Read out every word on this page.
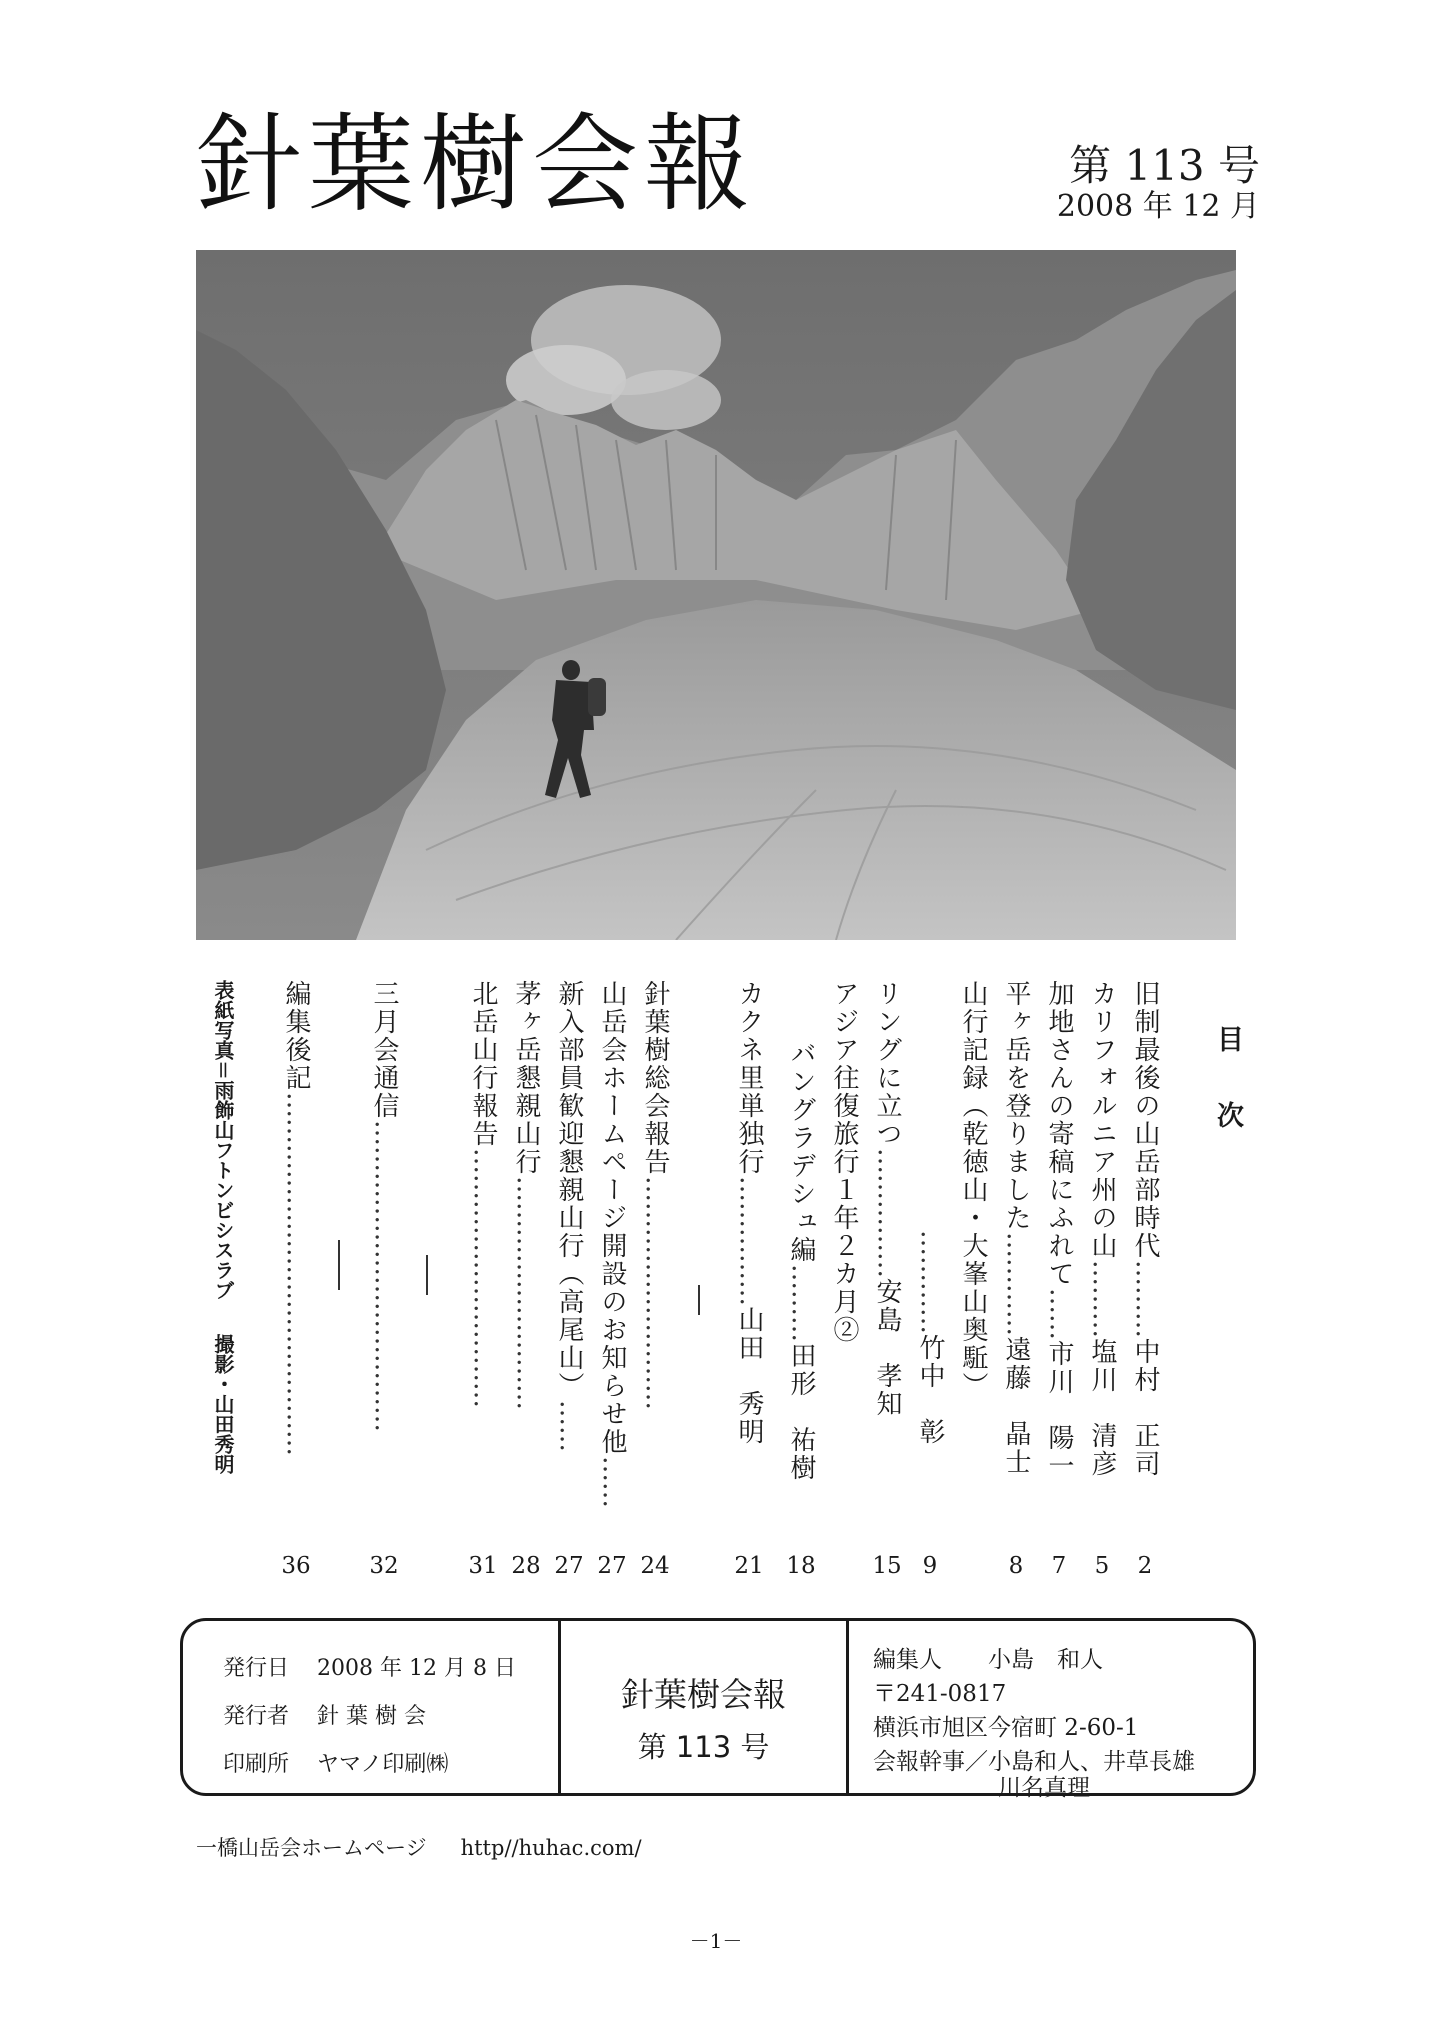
針葉樹会報	第 113 号
2008 年 12 月
目 次
旧制最後の山岳部時代………中村　正司
カリフォルニア州の山………塩川　清彦
加地さんの寄稿にふれて……市川　陽一
平ヶ岳を登りました…………遠藤　晶士
山行記録（乾徳山・大峯山奥駈）
…………竹中　彰
リングに立つ……………安島　孝知
アジア往復旅行１年２カ月②
バングラデシュ編………田形　祐樹
カクネ里単独行……………山田　秀明
針葉樹総会報告………………………
山岳会ホームページ開設のお知らせ他……
新入部員歓迎懇親山行（高尾山）……
茅ヶ岳懇親山行………………………
北岳山行報告…………………………
三月会通信………………………………
編集後記……………………………………
表紙写真＝雨飾山フトンビシスラブ撮影・山田秀明
2
5
7
8
9
15
18
21
24
27
27
28
31
32
36
発行日 2008 年 12 月 8 日
発行者 針 葉 樹 会
印刷所 ヤマノ印刷㈱
針葉樹会報
第 113 号
編集人　　小島　和人
〒241-0817
横浜市旭区今宿町 2-60-1
会報幹事／小島和人、井草長雄
川名真理
一橋山岳会ホームページ http//huhac.com/
－1－
